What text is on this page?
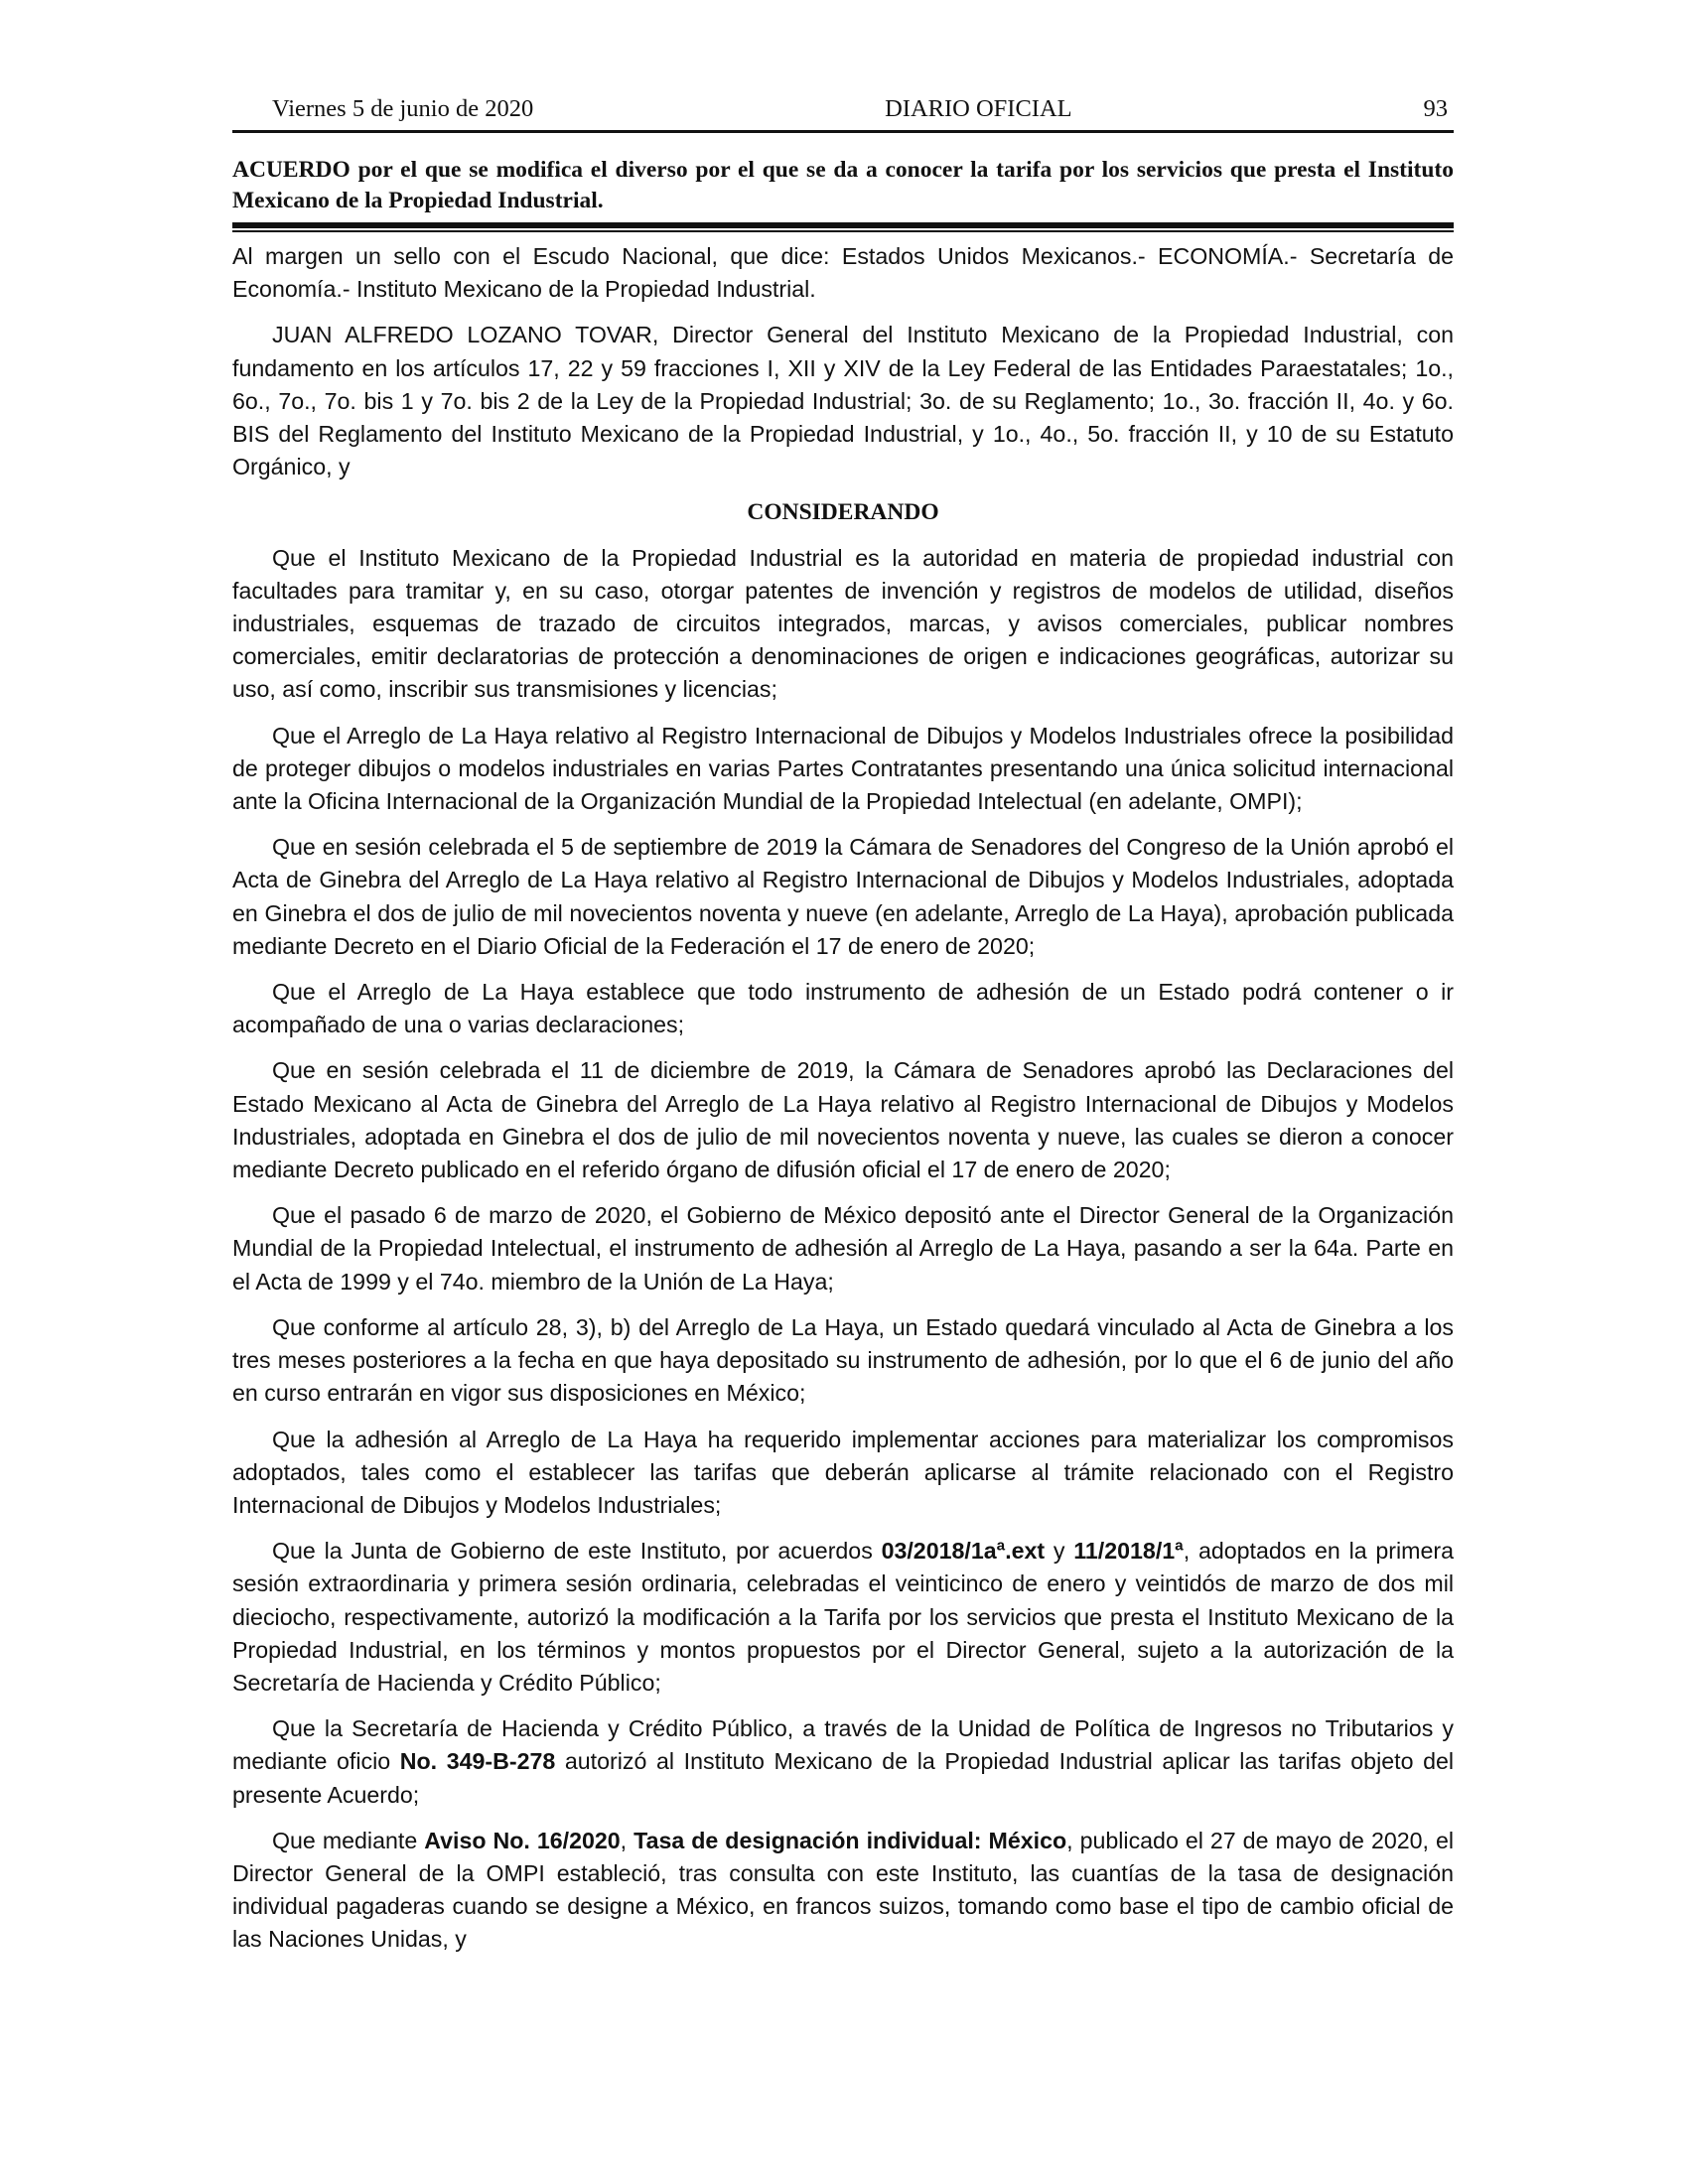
Viernes 5 de junio de 2020	DIARIO OFICIAL	93
ACUERDO por el que se modifica el diverso por el que se da a conocer la tarifa por los servicios que presta el Instituto Mexicano de la Propiedad Industrial.

Al margen un sello con el Escudo Nacional, que dice: Estados Unidos Mexicanos.- ECONOMÍA.- Secretaría de Economía.- Instituto Mexicano de la Propiedad Industrial.

JUAN ALFREDO LOZANO TOVAR, Director General del Instituto Mexicano de la Propiedad Industrial, con fundamento en los artículos 17, 22 y 59 fracciones I, XII y XIV de la Ley Federal de las Entidades Paraestatales; 1o., 6o., 7o., 7o. bis 1 y 7o. bis 2 de la Ley de la Propiedad Industrial; 3o. de su Reglamento; 1o., 3o. fracción II, 4o. y 6o. BIS del Reglamento del Instituto Mexicano de la Propiedad Industrial, y 1o., 4o., 5o. fracción II, y 10 de su Estatuto Orgánico, y

CONSIDERANDO

Que el Instituto Mexicano de la Propiedad Industrial es la autoridad en materia de propiedad industrial con facultades para tramitar y, en su caso, otorgar patentes de invención y registros de modelos de utilidad, diseños industriales, esquemas de trazado de circuitos integrados, marcas, y avisos comerciales, publicar nombres comerciales, emitir declaratorias de protección a denominaciones de origen e indicaciones geográficas, autorizar su uso, así como, inscribir sus transmisiones y licencias;

Que el Arreglo de La Haya relativo al Registro Internacional de Dibujos y Modelos Industriales ofrece la posibilidad de proteger dibujos o modelos industriales en varias Partes Contratantes presentando una única solicitud internacional ante la Oficina Internacional de la Organización Mundial de la Propiedad Intelectual (en adelante, OMPI);

Que en sesión celebrada el 5 de septiembre de 2019 la Cámara de Senadores del Congreso de la Unión aprobó el Acta de Ginebra del Arreglo de La Haya relativo al Registro Internacional de Dibujos y Modelos Industriales, adoptada en Ginebra el dos de julio de mil novecientos noventa y nueve (en adelante, Arreglo de La Haya), aprobación publicada mediante Decreto en el Diario Oficial de la Federación el 17 de enero de 2020;

Que el Arreglo de La Haya establece que todo instrumento de adhesión de un Estado podrá contener o ir acompañado de una o varias declaraciones;

Que en sesión celebrada el 11 de diciembre de 2019, la Cámara de Senadores aprobó las Declaraciones del Estado Mexicano al Acta de Ginebra del Arreglo de La Haya relativo al Registro Internacional de Dibujos y Modelos Industriales, adoptada en Ginebra el dos de julio de mil novecientos noventa y nueve, las cuales se dieron a conocer mediante Decreto publicado en el referido órgano de difusión oficial el 17 de enero de 2020;

Que el pasado 6 de marzo de 2020, el Gobierno de México depositó ante el Director General de la Organización Mundial de la Propiedad Intelectual, el instrumento de adhesión al Arreglo de La Haya, pasando a ser la 64a. Parte en el Acta de 1999 y el 74o. miembro de la Unión de La Haya;

Que conforme al artículo 28, 3), b) del Arreglo de La Haya, un Estado quedará vinculado al Acta de Ginebra a los tres meses posteriores a la fecha en que haya depositado su instrumento de adhesión, por lo que el 6 de junio del año en curso entrarán en vigor sus disposiciones en México;

Que la adhesión al Arreglo de La Haya ha requerido implementar acciones para materializar los compromisos adoptados, tales como el establecer las tarifas que deberán aplicarse al trámite relacionado con el Registro Internacional de Dibujos y Modelos Industriales;

Que la Junta de Gobierno de este Instituto, por acuerdos 03/2018/1aª.ext y 11/2018/1ª, adoptados en la primera sesión extraordinaria y primera sesión ordinaria, celebradas el veinticinco de enero y veintidós de marzo de dos mil dieciocho, respectivamente, autorizó la modificación a la Tarifa por los servicios que presta el Instituto Mexicano de la Propiedad Industrial, en los términos y montos propuestos por el Director General, sujeto a la autorización de la Secretaría de Hacienda y Crédito Público;

Que la Secretaría de Hacienda y Crédito Público, a través de la Unidad de Política de Ingresos no Tributarios y mediante oficio No. 349-B-278 autorizó al Instituto Mexicano de la Propiedad Industrial aplicar las tarifas objeto del presente Acuerdo;

Que mediante Aviso No. 16/2020, Tasa de designación individual: México, publicado el 27 de mayo de 2020, el Director General de la OMPI estableció, tras consulta con este Instituto, las cuantías de la tasa de designación individual pagaderas cuando se designe a México, en francos suizos, tomando como base el tipo de cambio oficial de las Naciones Unidas, y
